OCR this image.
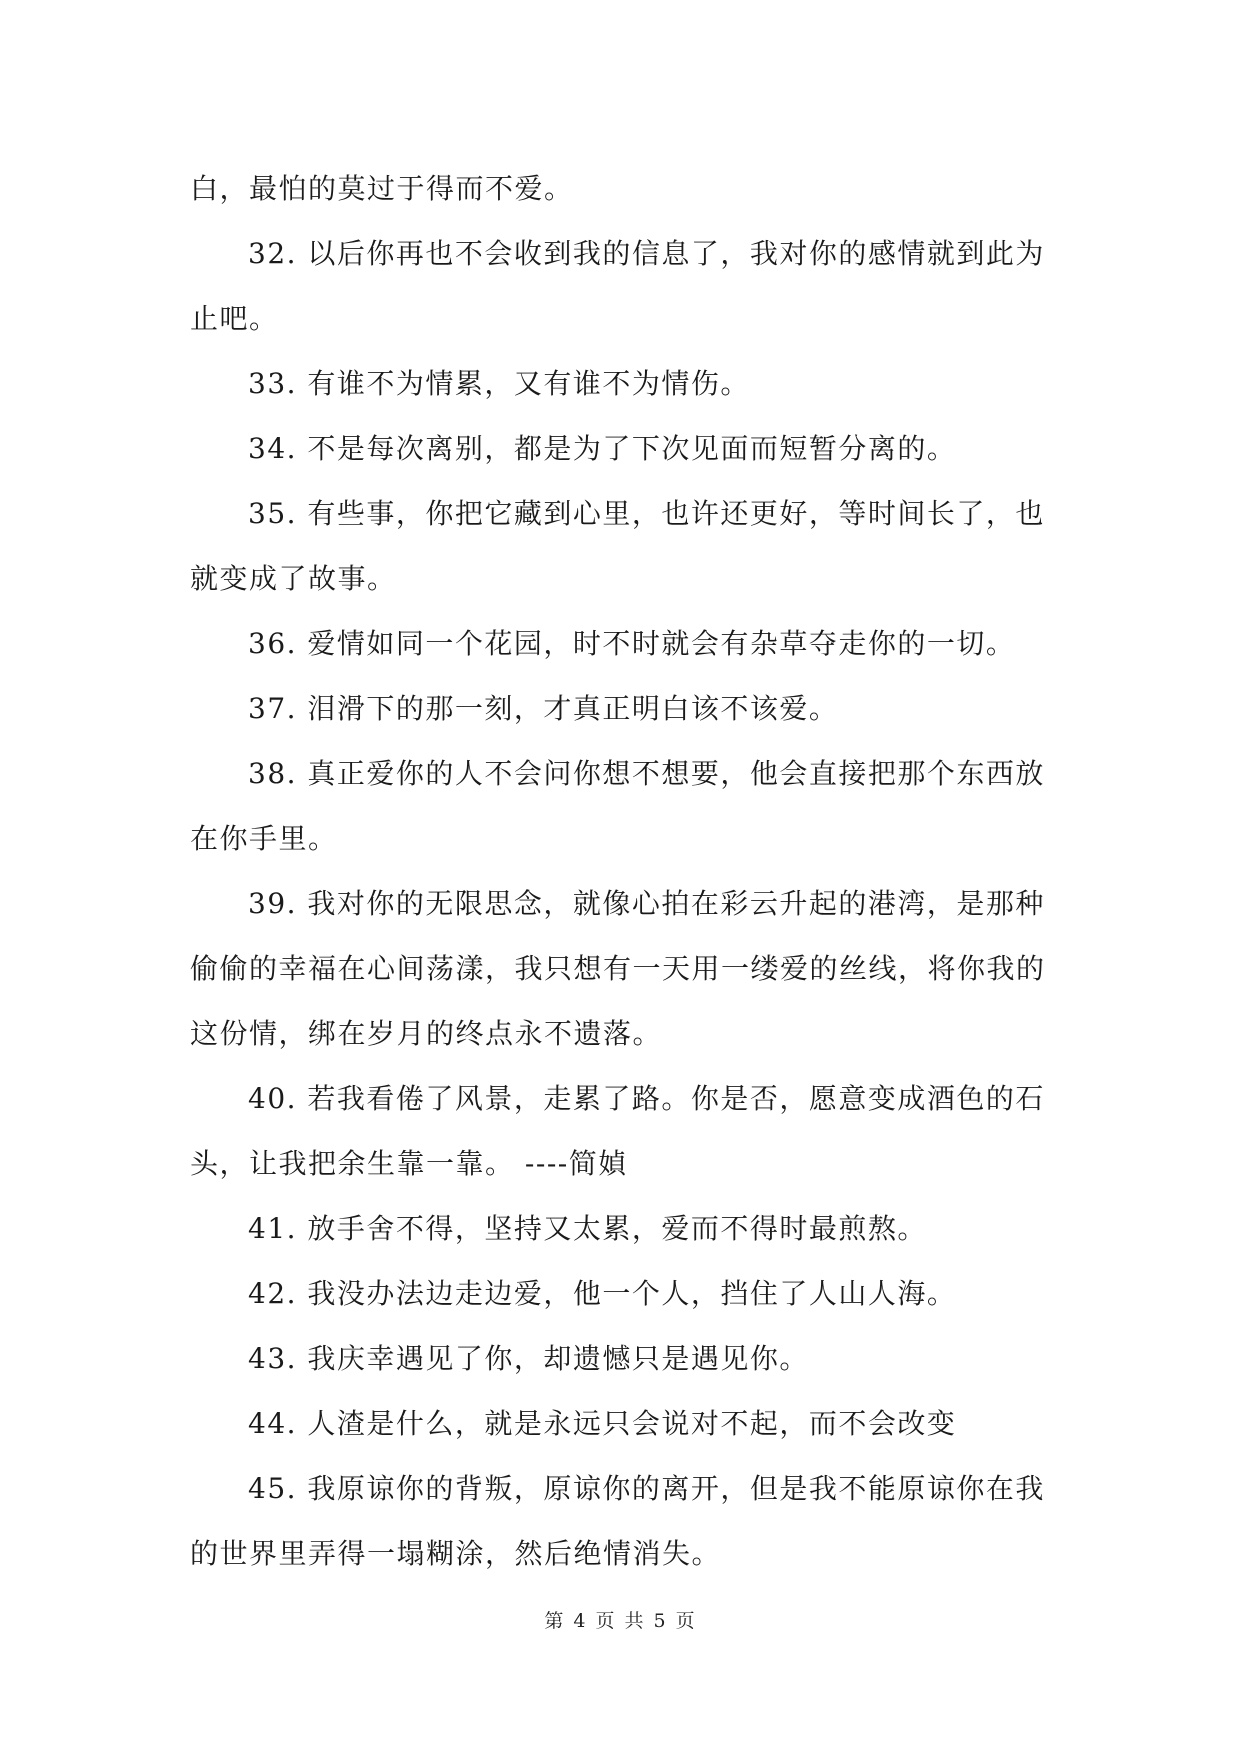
白，最怕的莫过于得而不爱。

32. 以后你再也不会收到我的信息了，我对你的感情就到此为止吧。

33. 有谁不为情累，又有谁不为情伤。

34. 不是每次离别，都是为了下次见面而短暂分离的。

35. 有些事，你把它藏到心里，也许还更好，等时间长了，也就变成了故事。

36. 爱情如同一个花园，时不时就会有杂草夺走你的一切。

37. 泪滑下的那一刻，才真正明白该不该爱。

38. 真正爱你的人不会问你想不想要，他会直接把那个东西放在你手里。

39. 我对你的无限思念，就像心拍在彩云升起的港湾，是那种偷偷的幸福在心间荡漾，我只想有一天用一缕爱的丝线，将你我的这份情，绑在岁月的终点永不遗落。

40. 若我看倦了风景，走累了路。你是否，愿意变成酒色的石头，让我把余生靠一靠。 ----简媜

41. 放手舍不得，坚持又太累，爱而不得时最煎熬。

42. 我没办法边走边爱，他一个人，挡住了人山人海。

43. 我庆幸遇见了你，却遗憾只是遇见你。

44. 人渣是什么，就是永远只会说对不起，而不会改变

45. 我原谅你的背叛，原谅你的离开，但是我不能原谅你在我的世界里弄得一塌糊涂，然后绝情消失。

第 4 页 共 5 页
